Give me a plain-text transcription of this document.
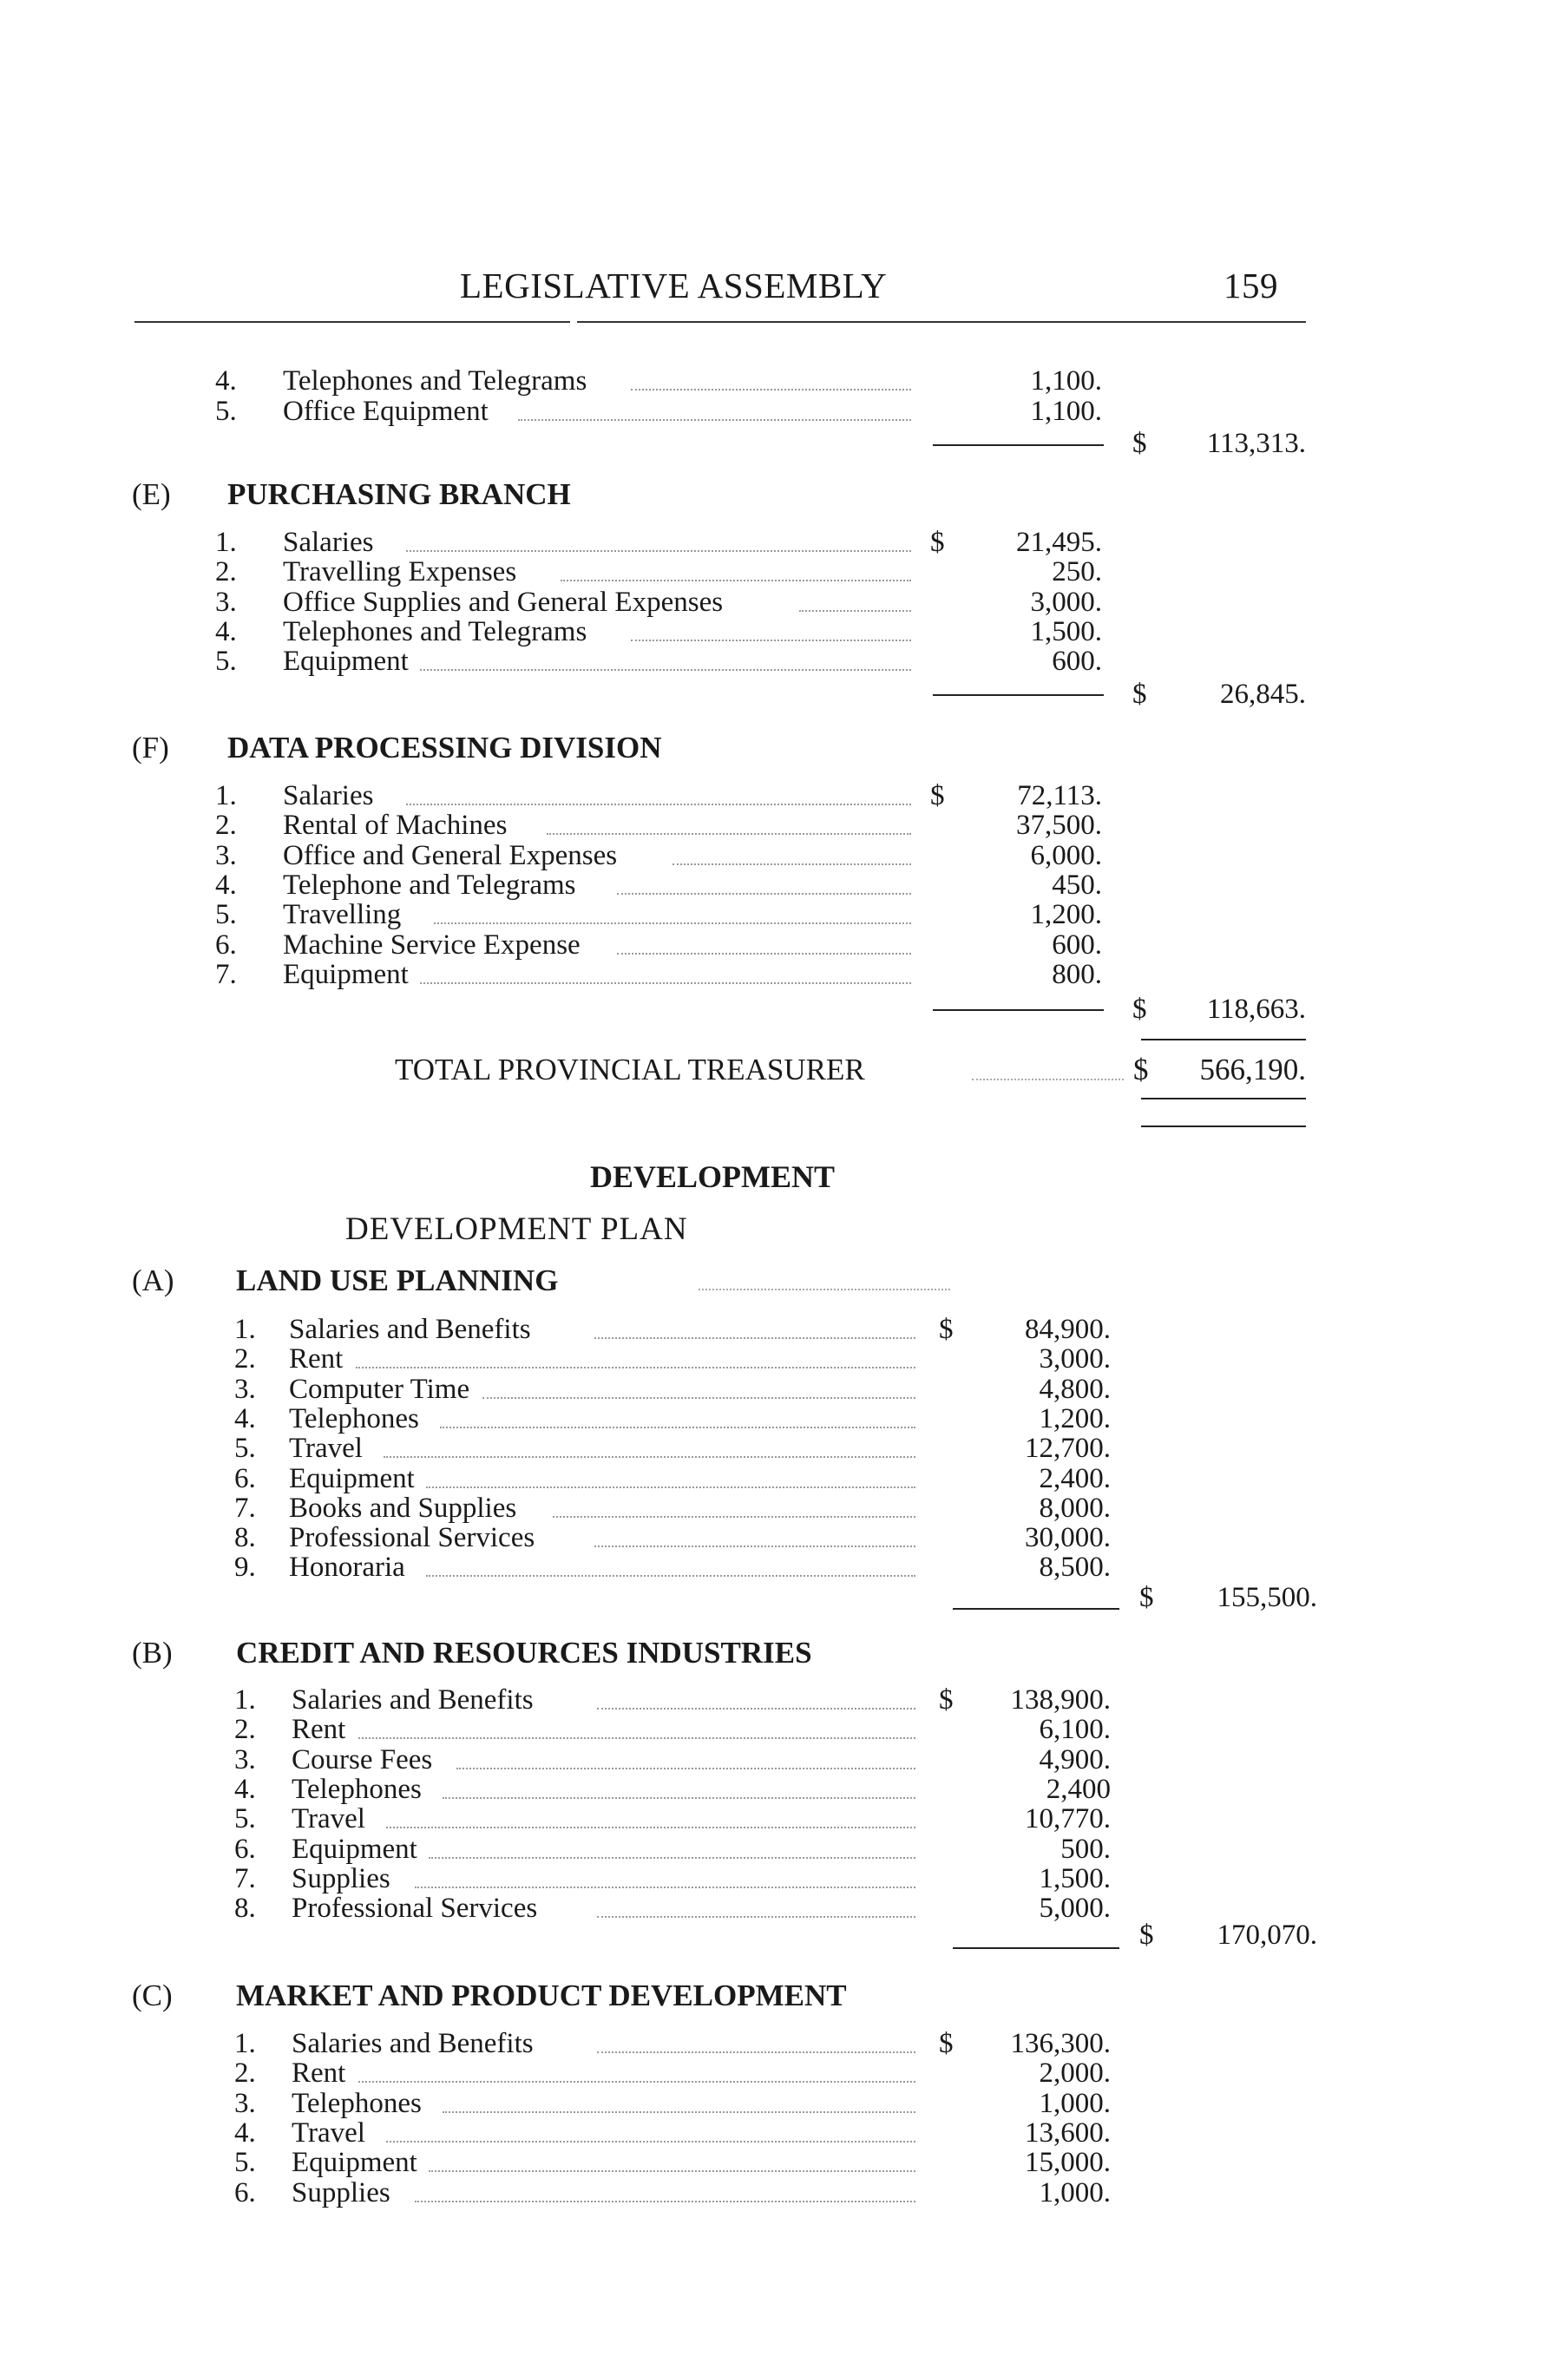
LEGISLATIVE ASSEMBLY	159
(E) PURCHASING BRANCH
(F) DATA PROCESSING DIVISION
TOTAL PROVINCIAL TREASURER	$	566,190.
DEVELOPMENT
DEVELOPMENT PLAN
(A) LAND USE PLANNING
(B) CREDIT AND RESOURCES INDUSTRIES
(C) MARKET AND PRODUCT DEVELOPMENT
4. Telephones and Telegrams	1,100.
5. Office Equipment	1,100.
$ 113,313.
1. Salaries	$	21,495.
2. Travelling Expenses	250.
3. Office Supplies and General Expenses	3,000.
4. Telephones and Telegrams	1,500.
5. Equipment	600.
$	26,845.
1. Salaries	$	72,113.
2. Rental of Machines	37,500.
3. Office and General Expenses	6,000.
4. Telephone and Telegrams	450.
5. Travelling	1,200.
6. Machine Service Expense	600.
7. Equipment	800.
$ 118,663.
1. Salaries and Benefits	$	84,900.
2. Rent	3,000.
3. Computer Time	4,800.
4. Telephones	1,200.
5. Travel	12,700.
6. Equipment	2,400.
7. Books and Supplies	8,000.
8. Professional Services	30,000.
9. Honoraria	8,500.
$ 155,500.
1. Salaries and Benefits	$	138,900.
2. Rent	6,100.
3. Course Fees	4,900.
4. Telephones	2,400
5. Travel	10,770.
6. Equipment	500.
7. Supplies	1,500.
8. Professional Services	5,000.
$ 170,070.
1. Salaries and Benefits	$	136,300.
2. Rent	2,000.
3. Telephones	1,000.
4. Travel	13,600.
5. Equipment	15,000.
6. Supplies	1,000.
